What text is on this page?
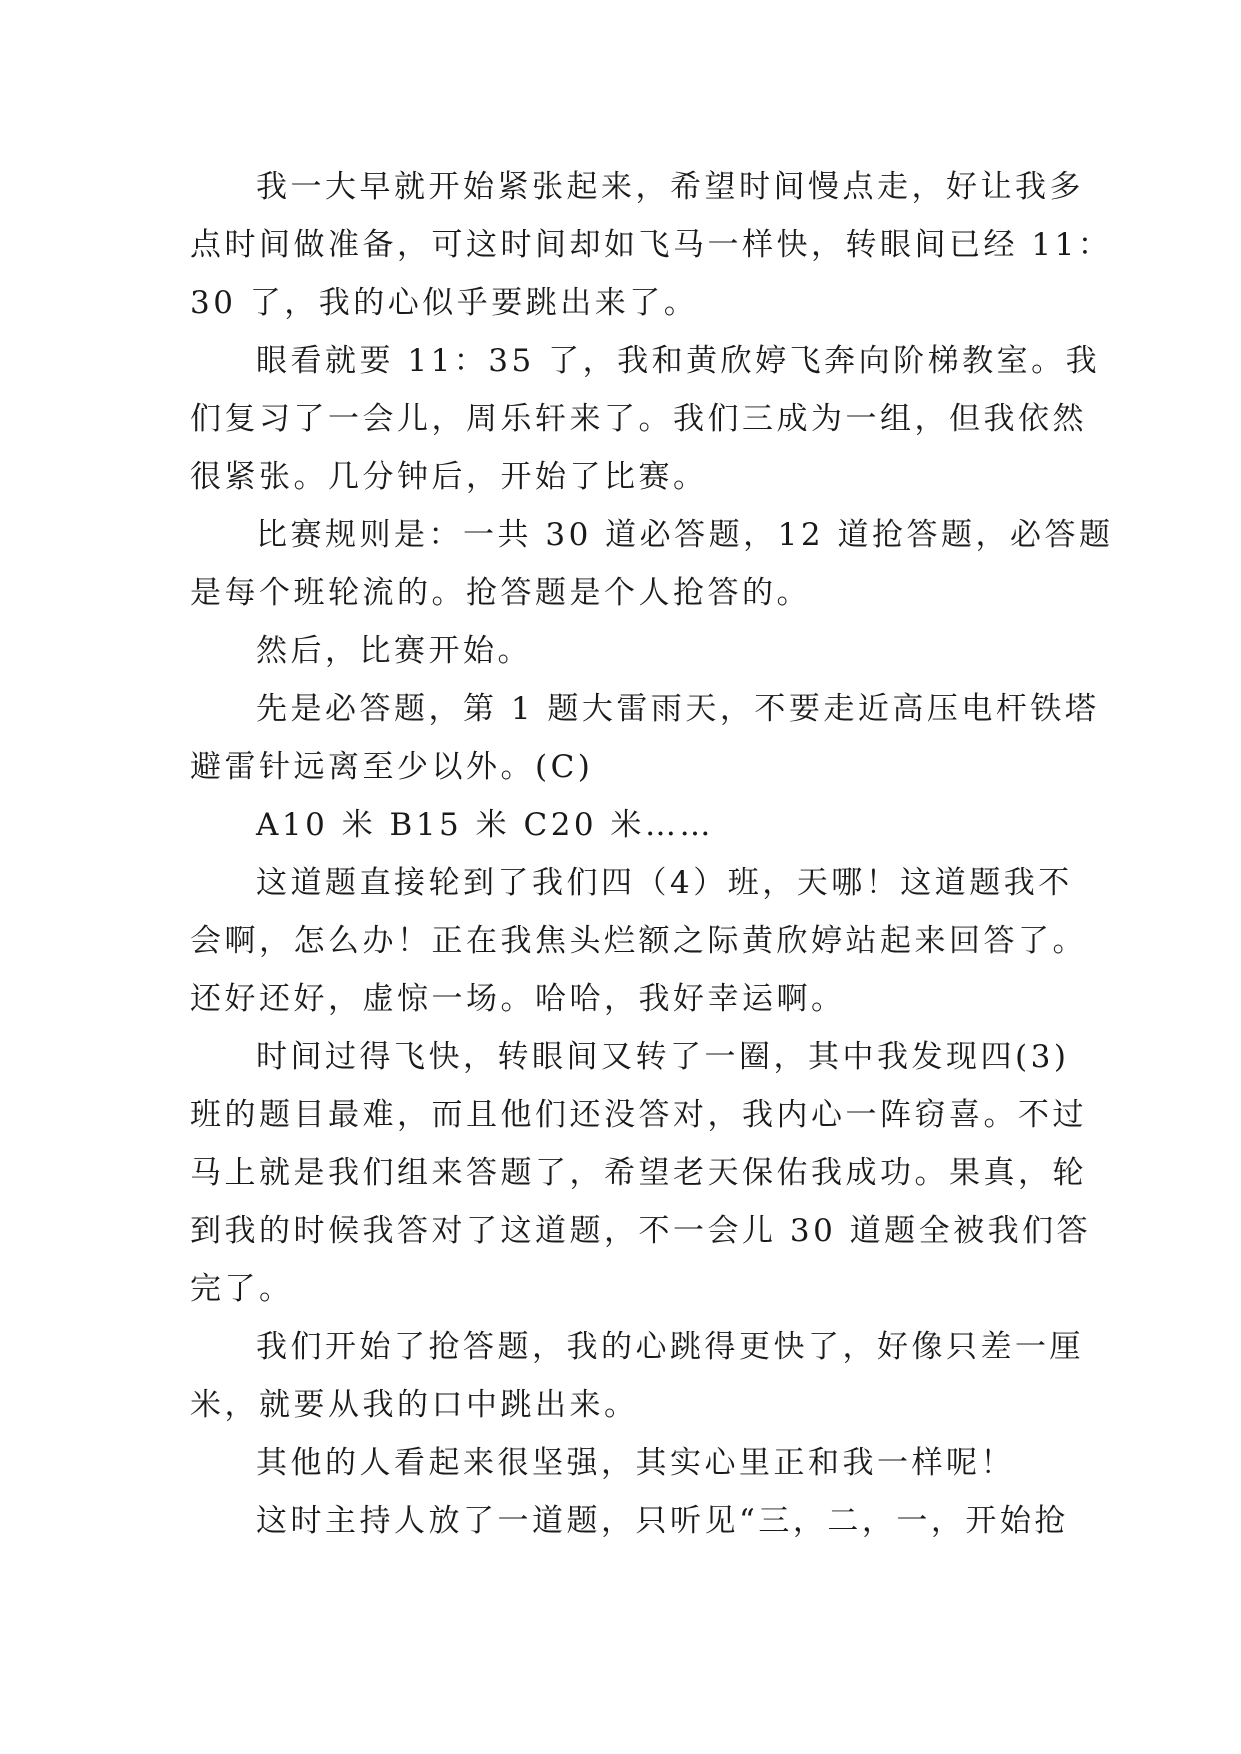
我一大早就开始紧张起来，希望时间慢点走，好让我多
点时间做准备，可这时间却如飞马一样快，转眼间已经 11：
30 了，我的心似乎要跳出来了。
眼看就要 11：35 了，我和黄欣婷飞奔向阶梯教室。我
们复习了一会儿，周乐轩来了。我们三成为一组，但我依然
很紧张。几分钟后，开始了比赛。
比赛规则是：一共 30 道必答题，12 道抢答题，必答题
是每个班轮流的。抢答题是个人抢答的。
然后，比赛开始。
先是必答题，第 1 题大雷雨天，不要走近高压电杆铁塔
避雷针远离至少以外。(C)
A10 米 B15 米 C20 米……
这道题直接轮到了我们四（4）班，天哪！这道题我不
会啊，怎么办！正在我焦头烂额之际黄欣婷站起来回答了。
还好还好，虚惊一场。哈哈，我好幸运啊。
时间过得飞快，转眼间又转了一圈，其中我发现四(3)
班的题目最难，而且他们还没答对，我内心一阵窃喜。不过
马上就是我们组来答题了，希望老天保佑我成功。果真，轮
到我的时候我答对了这道题，不一会儿 30 道题全被我们答
完了。
我们开始了抢答题，我的心跳得更快了，好像只差一厘
米，就要从我的口中跳出来。
其他的人看起来很坚强，其实心里正和我一样呢！
这时主持人放了一道题，只听见“三，二，一，开始抢
